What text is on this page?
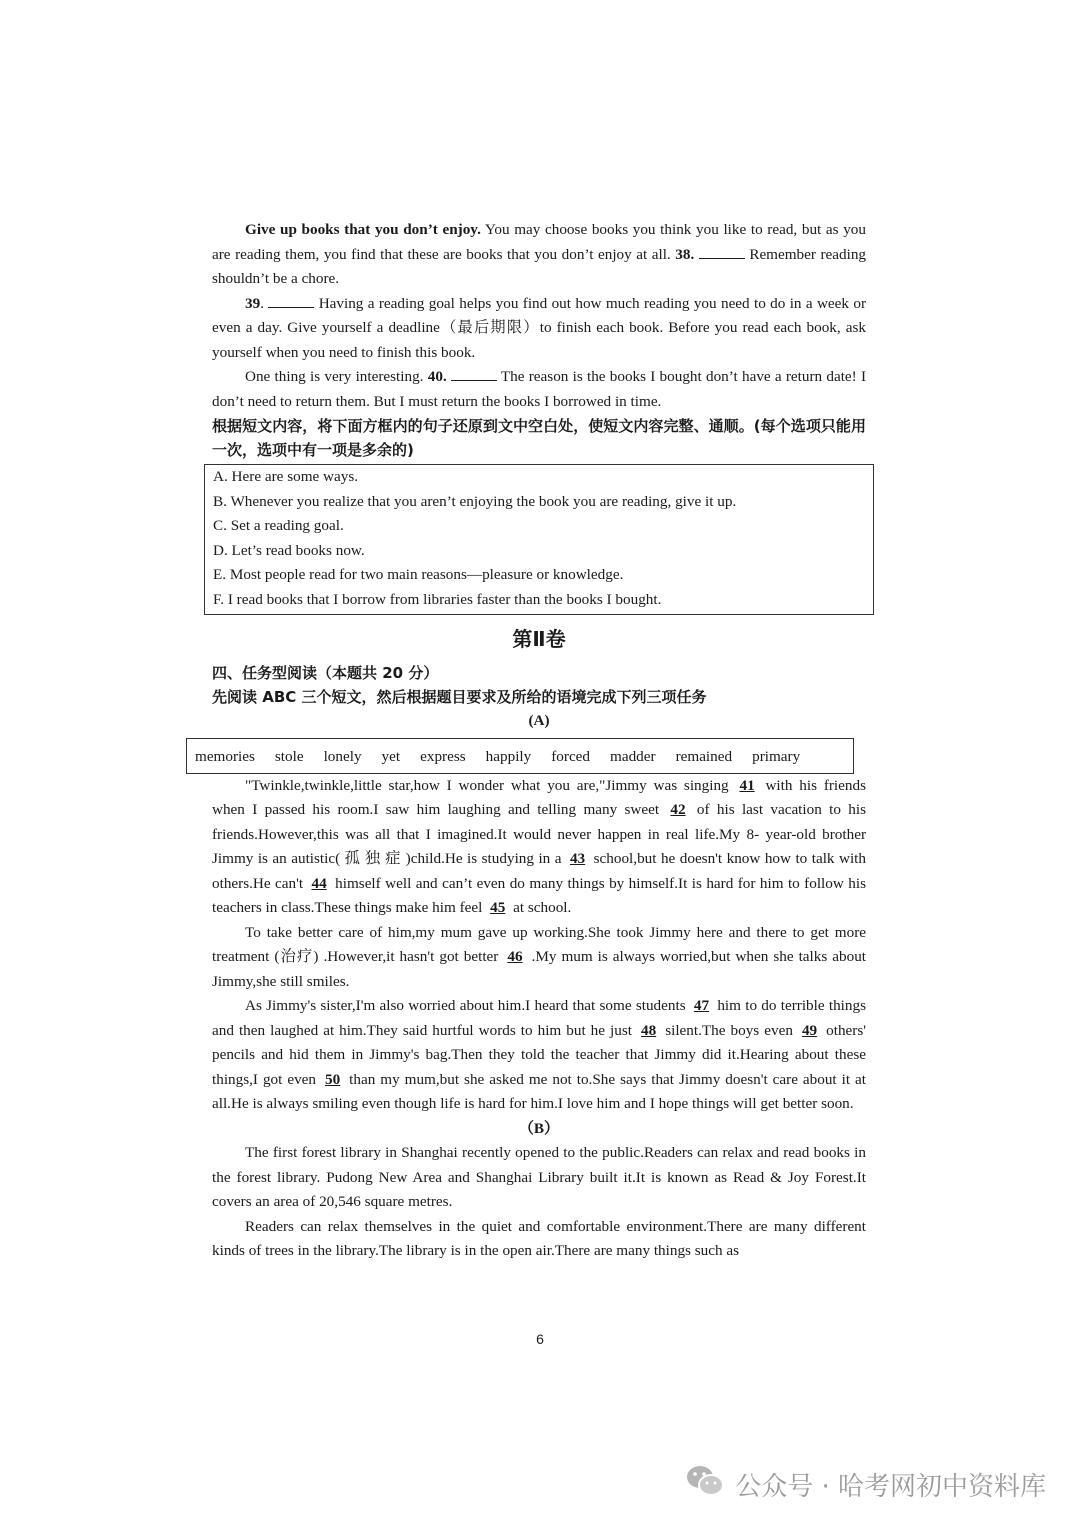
Give up books that you don’t enjoy. You may choose books you think you like to read, but as you are reading them, you find that these are books that you don’t enjoy at all. 38.	Remember reading shouldn’t be a chore.

39.	Having a reading goal helps you find out how much reading you need to do in a week or even a day. Give yourself a deadline（最后期限）to finish each book. Before you read each book, ask yourself when you need to finish this book.

One thing is very interesting. 40.	The reason is the books I bought don’t have a return date! I don’t need to return them. But I must return the books I borrowed in time.

根据短文内容，将下面方框内的句子还原到文中空白处，使短文内容完整、通顺。(每个选项只能用一次，选项中有一项是多余的)

A. Here are some ways.

B. Whenever you realize that you aren’t enjoying the book you are reading, give it up.

C. Set a reading goal.

D. Let’s read books now.

E. Most people read for two main reasons—pleasure or knowledge.

F. I read books that I borrow from libraries faster than the books I bought.

第Ⅱ卷

四、任务型阅读（本题共 20 分）

先阅读 ABC 三个短文，然后根据题目要求及所给的语境完成下列三项任务

(A)

memories stole lonely yet express happily forced madder remained primary

"Twinkle,twinkle,little star,how I wonder what you are,"Jimmy was singing 41 with his friends when I passed his room.I saw him laughing and telling many sweet 42 of his last vacation to his friends.However,this was all that I imagined.It would never happen in real life.My 8- year-old brother Jimmy is an autistic( 孤 独 症 )child.He is studying in a 43 school,but he doesn't know how to talk with others.He can't 44 himself well and can’t even do many things by himself.It is hard for him to follow his teachers in class.These things make him feel 45 at school.

To take better care of him,my mum gave up working.She took Jimmy here and there to get more treatment (治疗) .However,it hasn't got better 46 .My mum is always worried,but when she talks about Jimmy,she still smiles.

As Jimmy's sister,I'm also worried about him.I heard that some students 47 him to do terrible things and then laughed at him.They said hurtful words to him but he just 48 silent.The boys even 49 others' pencils and hid them in Jimmy's bag.Then they told the teacher that Jimmy did it.Hearing about these things,I got even 50 than my mum,but she asked me not to.She says that Jimmy doesn't care about it at all.He is always smiling even though life is hard for him.I love him and I hope things will get better soon.

（B）

The first forest library in Shanghai recently opened to the public.Readers can relax and read books in the forest library. Pudong New Area and Shanghai Library built it.It is known as Read & Joy Forest.It covers an area of 20,546 square metres.

Readers can relax themselves in the quiet and comfortable environment.There are many different kinds of trees in the library.The library is in the open air.There are many things such as

6
公众号 · 哈考网初中资料库
